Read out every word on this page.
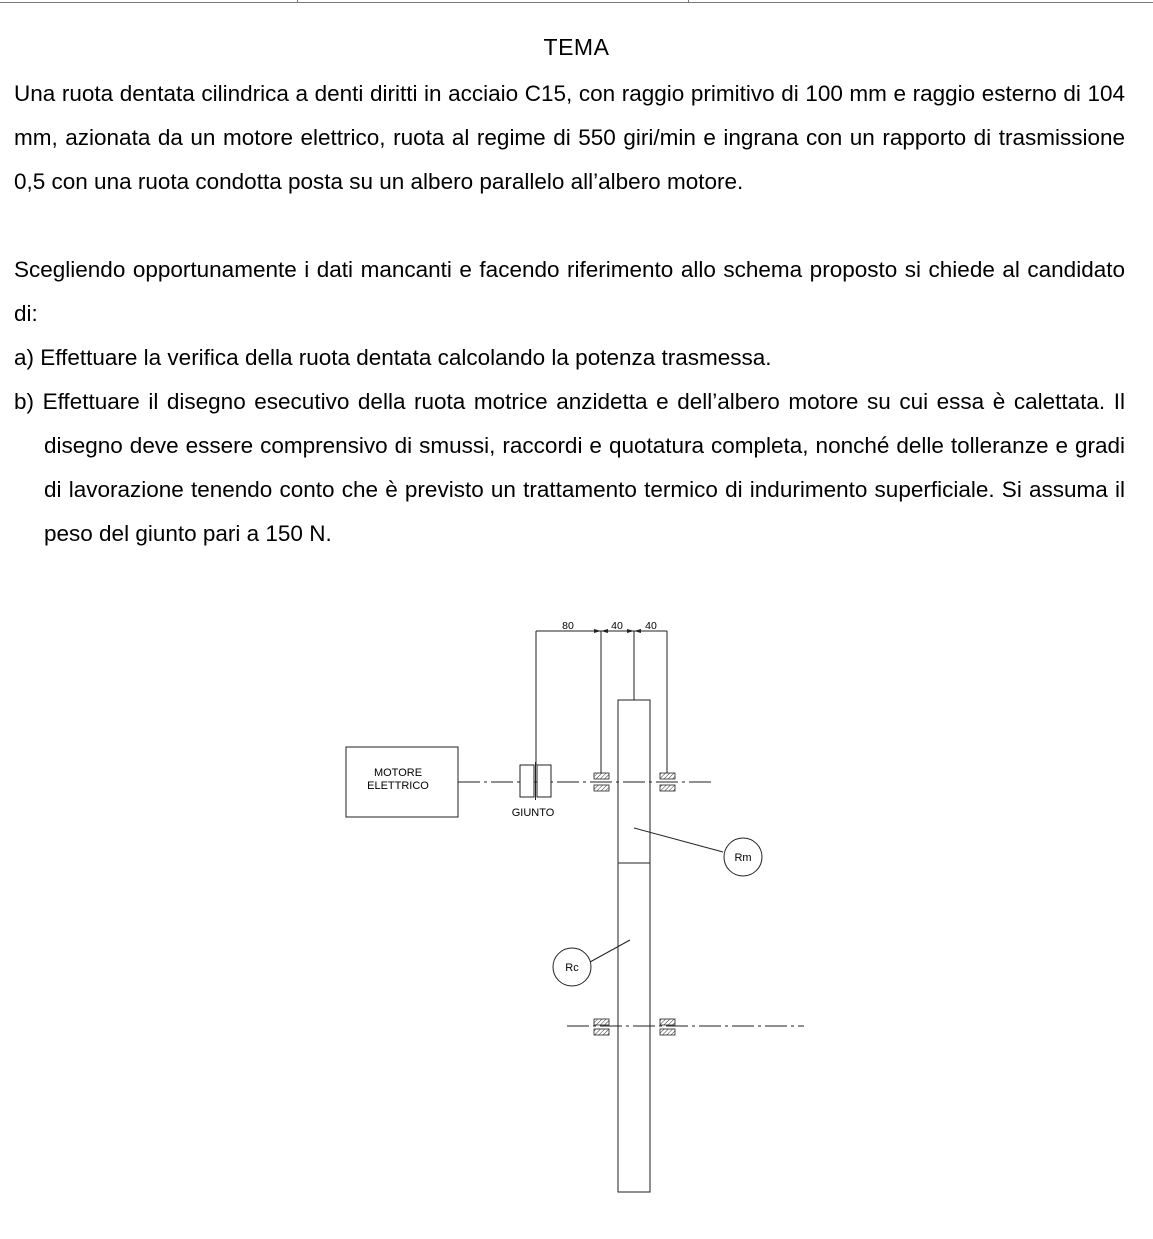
TEMA

Una ruota dentata cilindrica a denti diritti in acciaio C15, con raggio primitivo di 100 mm e raggio esterno di 104 mm, azionata da un motore elettrico, ruota al regime di 550 giri/min e ingrana con un rapporto di trasmissione 0,5 con una ruota condotta posta su un albero parallelo all’albero motore.

Scegliendo opportunamente i dati mancanti e facendo riferimento allo schema proposto si chiede al candidato di:

a) Effettuare la verifica della ruota dentata calcolando la potenza trasmessa.

b) Effettuare il disegno esecutivo della ruota motrice anzidetta e dell’albero motore su cui essa è calettata. Il disegno deve essere comprensivo di smussi, raccordi e quotatura completa, nonché delle tolleranze e gradi di lavorazione tenendo conto che è previsto un trattamento termico di indurimento superficiale. Si assuma il peso del giunto pari a 150 N.

80	40 40
MOTORE
ELETTRICO
GIUNTO
Rm
Rc
